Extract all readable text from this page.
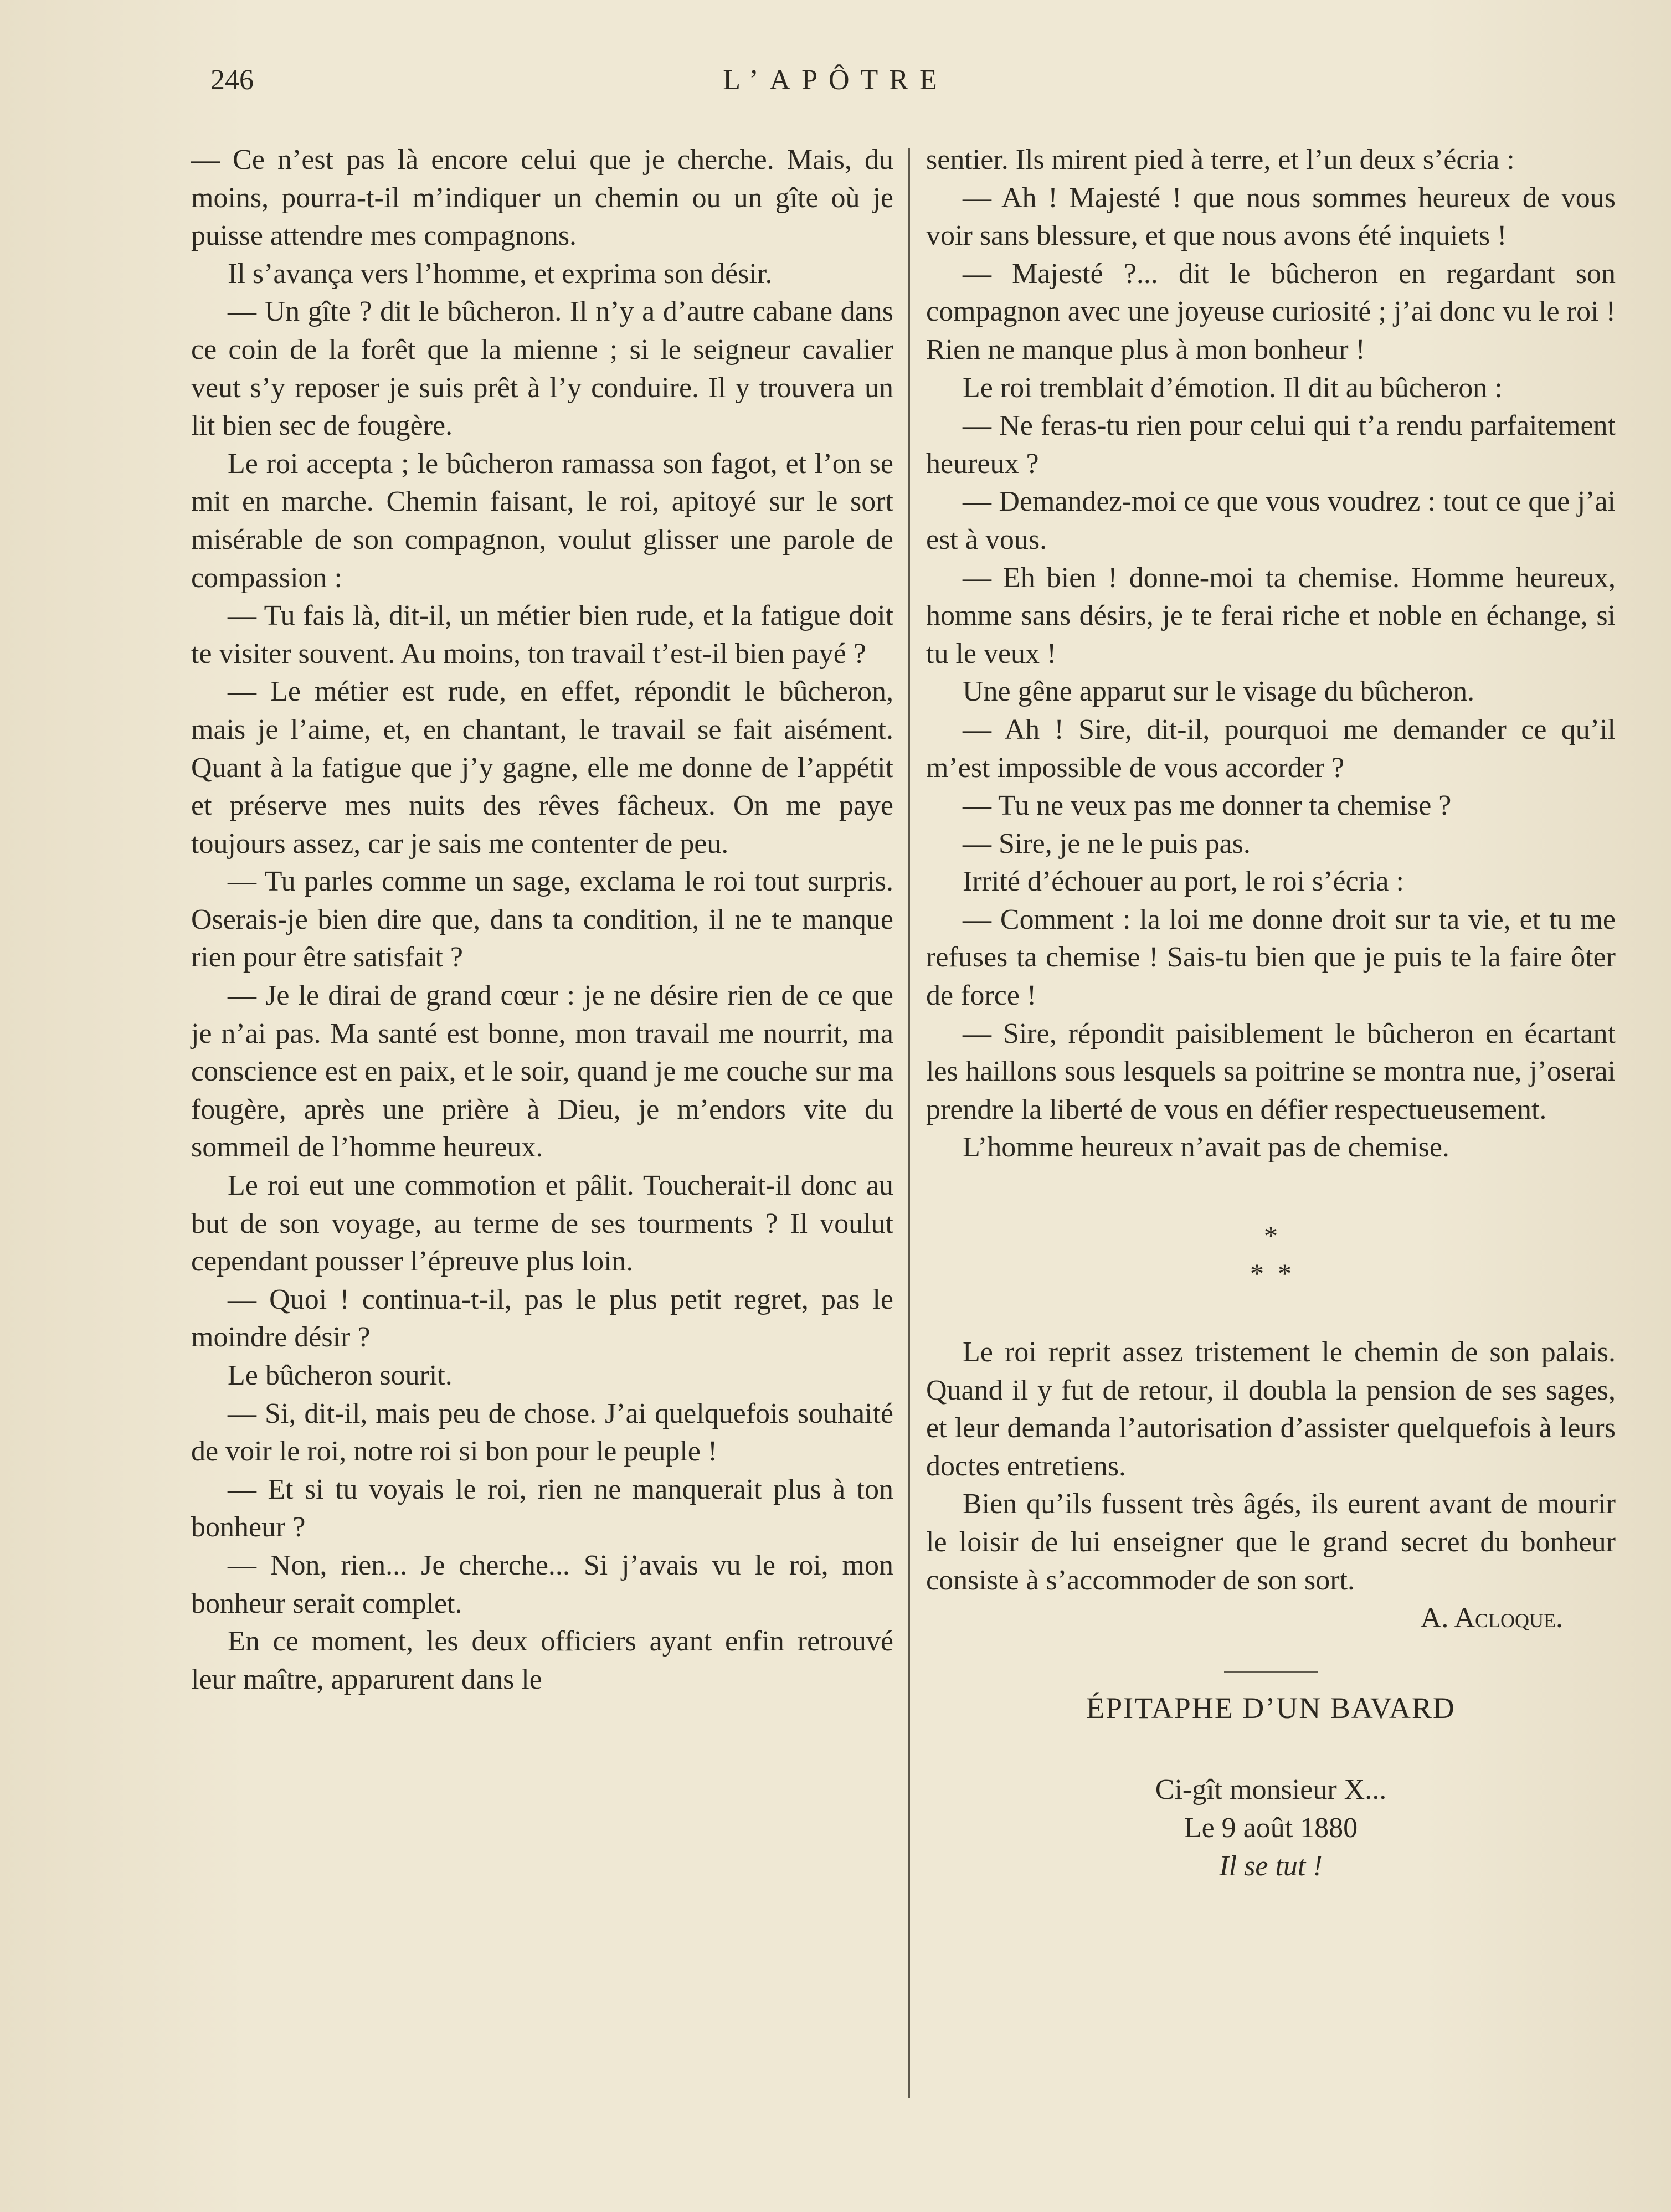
246	L’APÔTRE

— Ce n’est pas là encore celui que je cherche. Mais, du moins, pourra-t-il m’indiquer un chemin ou un gîte où je puisse attendre mes compagnons.

Il s’avança vers l’homme, et exprima son désir.

— Un gîte ? dit le bûcheron. Il n’y a d’autre cabane dans ce coin de la forêt que la mienne ; si le seigneur cavalier veut s’y reposer je suis prêt à l’y conduire. Il y trouvera un lit bien sec de fougère.

Le roi accepta ; le bûcheron ramassa son fagot, et l’on se mit en marche. Chemin faisant, le roi, apitoyé sur le sort misérable de son compagnon, voulut glisser une parole de compassion :

— Tu fais là, dit-il, un métier bien rude, et la fatigue doit te visiter souvent. Au moins, ton travail t’est-il bien payé ?

— Le métier est rude, en effet, répondit le bûcheron, mais je l’aime, et, en chantant, le travail se fait aisément. Quant à la fatigue que j’y gagne, elle me donne de l’appétit et préserve mes nuits des rêves fâcheux. On me paye toujours assez, car je sais me contenter de peu.

— Tu parles comme un sage, exclama le roi tout surpris. Oserais-je bien dire que, dans ta condition, il ne te manque rien pour être satisfait ?

— Je le dirai de grand cœur : je ne désire rien de ce que je n’ai pas. Ma santé est bonne, mon travail me nourrit, ma conscience est en paix, et le soir, quand je me couche sur ma fougère, après une prière à Dieu, je m’endors vite du sommeil de l’homme heureux.

Le roi eut une commotion et pâlit. Toucherait-il donc au but de son voyage, au terme de ses tourments ? Il voulut cependant pousser l’épreuve plus loin.

— Quoi ! continua-t-il, pas le plus petit regret, pas le moindre désir ?

Le bûcheron sourit.

— Si, dit-il, mais peu de chose. J’ai quelquefois souhaité de voir le roi, notre roi si bon pour le peuple !

— Et si tu voyais le roi, rien ne manquerait plus à ton bonheur ?

— Non, rien... Je cherche... Si j’avais vu le roi, mon bonheur serait complet.

En ce moment, les deux officiers ayant enfin retrouvé leur maître, apparurent dans le

sentier. Ils mirent pied à terre, et l’un deux s’écria :

— Ah ! Majesté ! que nous sommes heureux de vous voir sans blessure, et que nous avons été inquiets !

— Majesté ?... dit le bûcheron en regardant son compagnon avec une joyeuse curiosité ; j’ai donc vu le roi ! Rien ne manque plus à mon bonheur !

Le roi tremblait d’émotion. Il dit au bûcheron :

— Ne feras-tu rien pour celui qui t’a rendu parfaitement heureux ?

— Demandez-moi ce que vous voudrez : tout ce que j’ai est à vous.

— Eh bien ! donne-moi ta chemise. Homme heureux, homme sans désirs, je te ferai riche et noble en échange, si tu le veux !

Une gêne apparut sur le visage du bûcheron.

— Ah ! Sire, dit-il, pourquoi me demander ce qu’il m’est impossible de vous accorder ?

— Tu ne veux pas me donner ta chemise ?

— Sire, je ne le puis pas.

Irrité d’échouer au port, le roi s’écria :

— Comment : la loi me donne droit sur ta vie, et tu me refuses ta chemise ! Sais-tu bien que je puis te la faire ôter de force !

— Sire, répondit paisiblement le bûcheron en écartant les haillons sous lesquels sa poitrine se montra nue, j’oserai prendre la liberté de vous en défier respectueusement.

L’homme heureux n’avait pas de chemise.

*
*  *

Le roi reprit assez tristement le chemin de son palais. Quand il y fut de retour, il doubla la pension de ses sages, et leur demanda l’autorisation d’assister quelquefois à leurs doctes entretiens.

Bien qu’ils fussent très âgés, ils eurent avant de mourir le loisir de lui enseigner que le grand secret du bonheur consiste à s’accommoder de son sort.

A. Acloque.
ÉPITAPHE D’UN BAVARD
Ci-gît monsieur X...
Le 9 août 1880
Il se tut !
